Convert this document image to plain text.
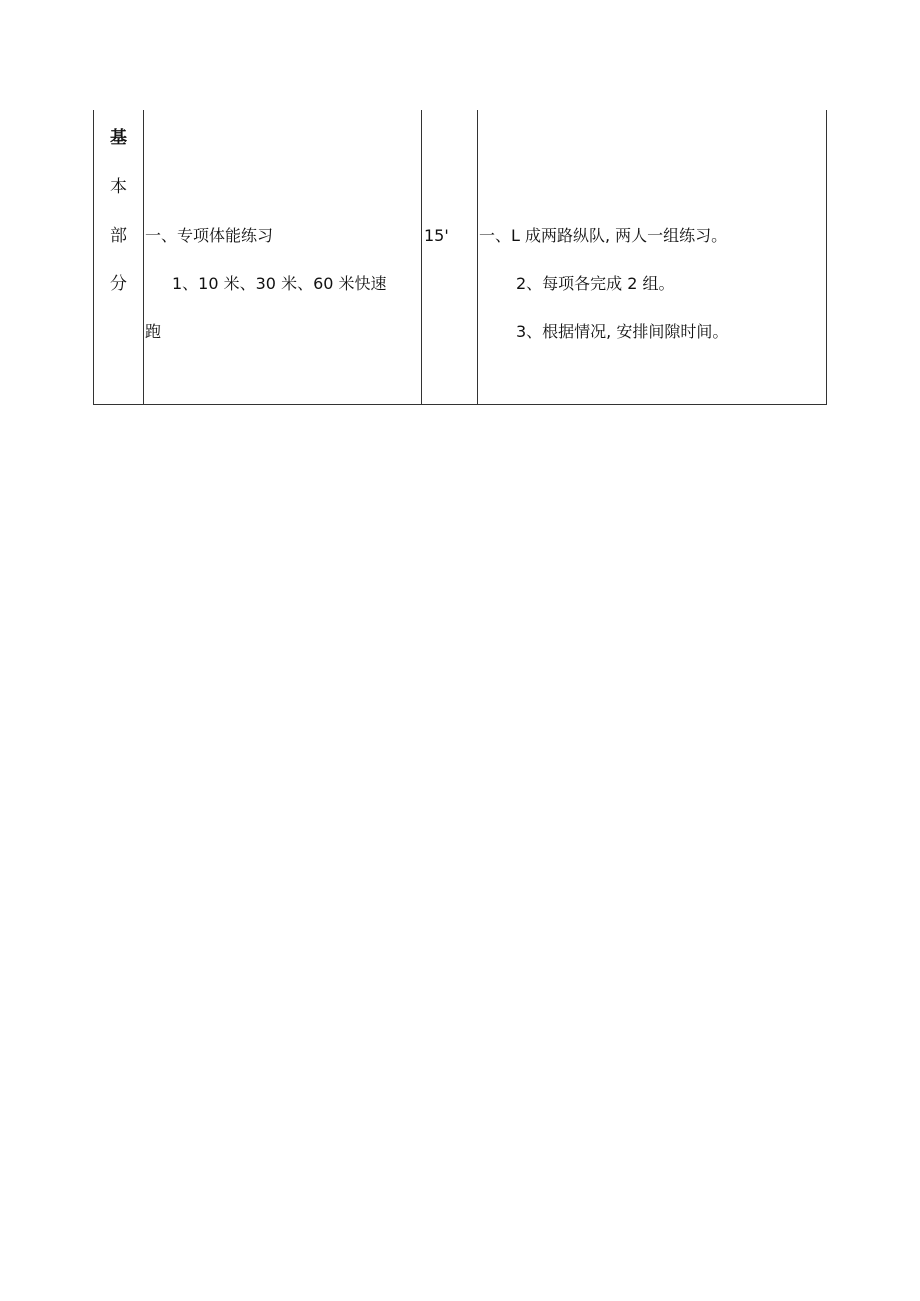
基
本
部
分
一、专项体能练习
1、10 米、30 米、60 米快速
跑
15' 一、L 成两路纵队, 两人一组练习。
2、每项各完成 2 组。
3、根据情况, 安排间隙时间。
